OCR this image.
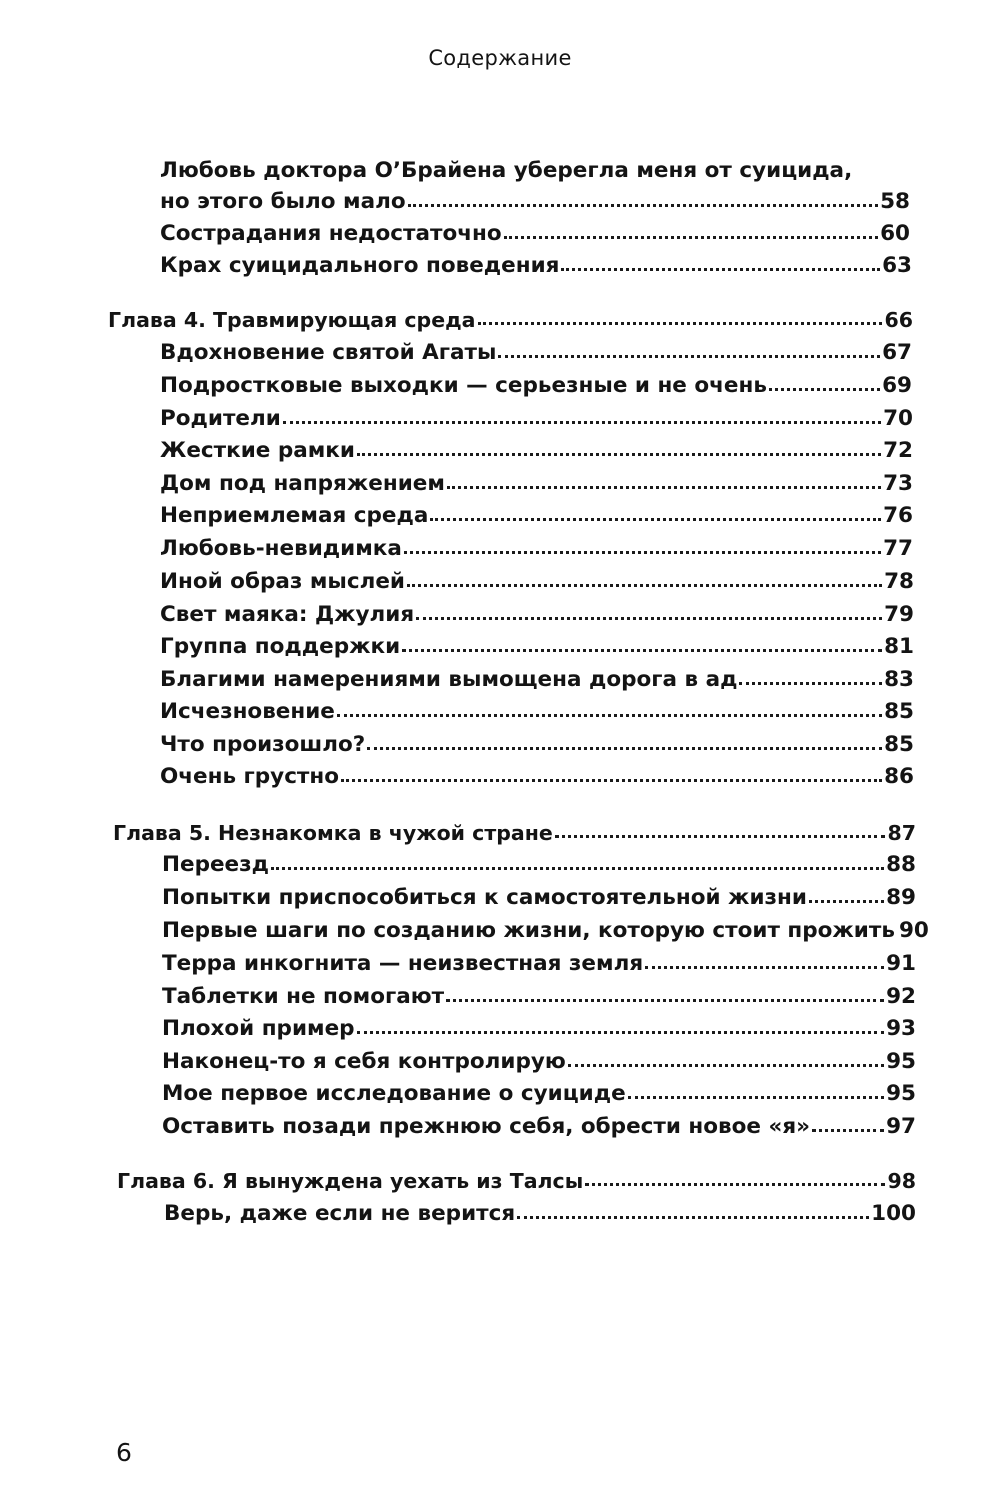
Содержание
Любовь доктора О’Брайена уберегла меня от суицида,
но этого было мало	58
Сострадания недостаточно	60
Крах суицидального поведения	63
Глава 4. Травмирующая среда	66
Вдохновение святой Агаты	67
Подростковые выходки — серьезные и не очень	69
Родители	70
Жесткие рамки	72
Дом под напряжением	73
Неприемлемая среда	76
Любовь-невидимка	77
Иной образ мыслей	78
Свет маяка: Джулия	79
Группа поддержки	81
Благими намерениями вымощена дорога в ад	83
Исчезновение	85
Что произошло?	85
Очень грустно	86
Глава 5. Незнакомка в чужой стране	87
Переезд	88
Попытки приспособиться к самостоятельной жизни	89
Первые шаги по созданию жизни, которую стоит прожить 90
Терра инкогнита — неизвестная земля	91
Таблетки не помогают	92
Плохой пример	93
Наконец-то я себя контролирую	95
Мое первое исследование о суициде	95
Оставить позади прежнюю себя, обрести новое «я»	97
Глава 6. Я вынуждена уехать из Талсы	98
Верь, даже если не верится	100
6
